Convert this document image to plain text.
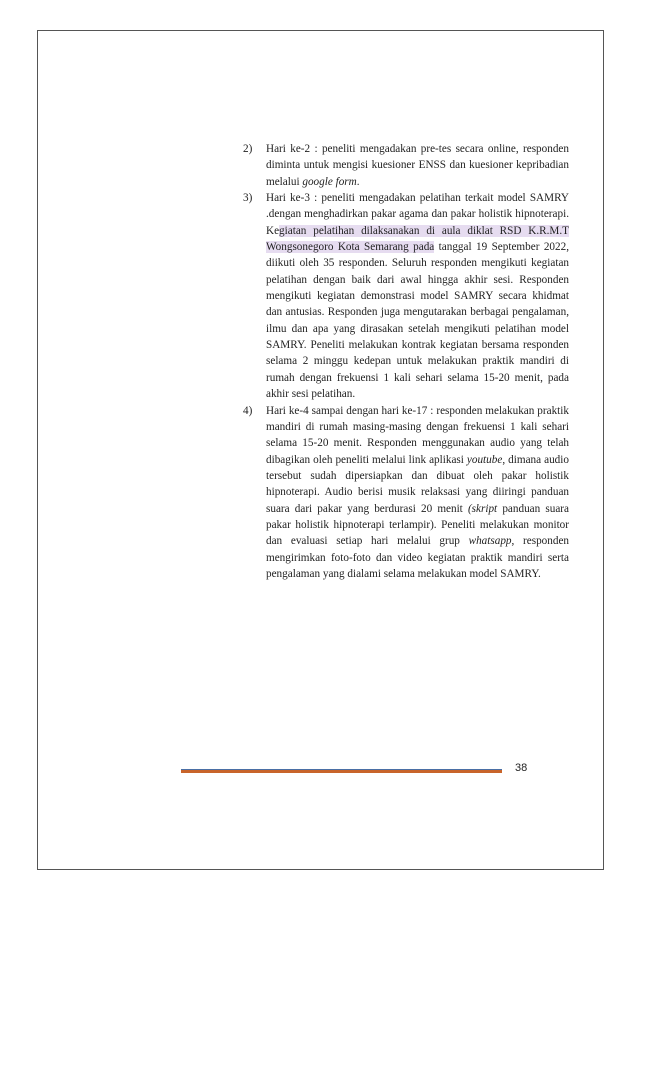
2) Hari ke-2 : peneliti mengadakan pre-tes secara online, responden diminta untuk mengisi kuesioner ENSS dan kuesioner kepribadian melalui google form.
3) Hari ke-3 : peneliti mengadakan pelatihan terkait model SAMRY .dengan menghadirkan pakar agama dan pakar holistik hipnoterapi. Kegiatan pelatihan dilaksanakan di aula diklat RSD K.R.M.T Wongsonegoro Kota Semarang pada tanggal 19 September 2022, diikuti oleh 35 responden. Seluruh responden mengikuti kegiatan pelatihan dengan baik dari awal hingga akhir sesi. Responden mengikuti kegiatan demonstrasi model SAMRY secara khidmat dan antusias. Responden juga mengutarakan berbagai pengalaman, ilmu dan apa yang dirasakan setelah mengikuti pelatihan model SAMRY. Peneliti melakukan kontrak kegiatan bersama responden selama 2 minggu kedepan untuk melakukan praktik mandiri di rumah dengan frekuensi 1 kali sehari selama 15-20 menit, pada akhir sesi pelatihan.
4) Hari ke-4 sampai dengan hari ke-17 : responden melakukan praktik mandiri di rumah masing-masing dengan frekuensi 1 kali sehari selama 15-20 menit. Responden menggunakan audio yang telah dibagikan oleh peneliti melalui link aplikasi youtube, dimana audio tersebut sudah dipersiapkan dan dibuat oleh pakar holistik hipnoterapi. Audio berisi musik relaksasi yang diiringi panduan suara dari pakar yang berdurasi 20 menit (skript panduan suara pakar holistik hipnoterapi terlampir). Peneliti melakukan monitor dan evaluasi setiap hari melalui grup whatsapp, responden mengirimkan foto-foto dan video kegiatan praktik mandiri serta pengalaman yang dialami selama melakukan model SAMRY.
38
